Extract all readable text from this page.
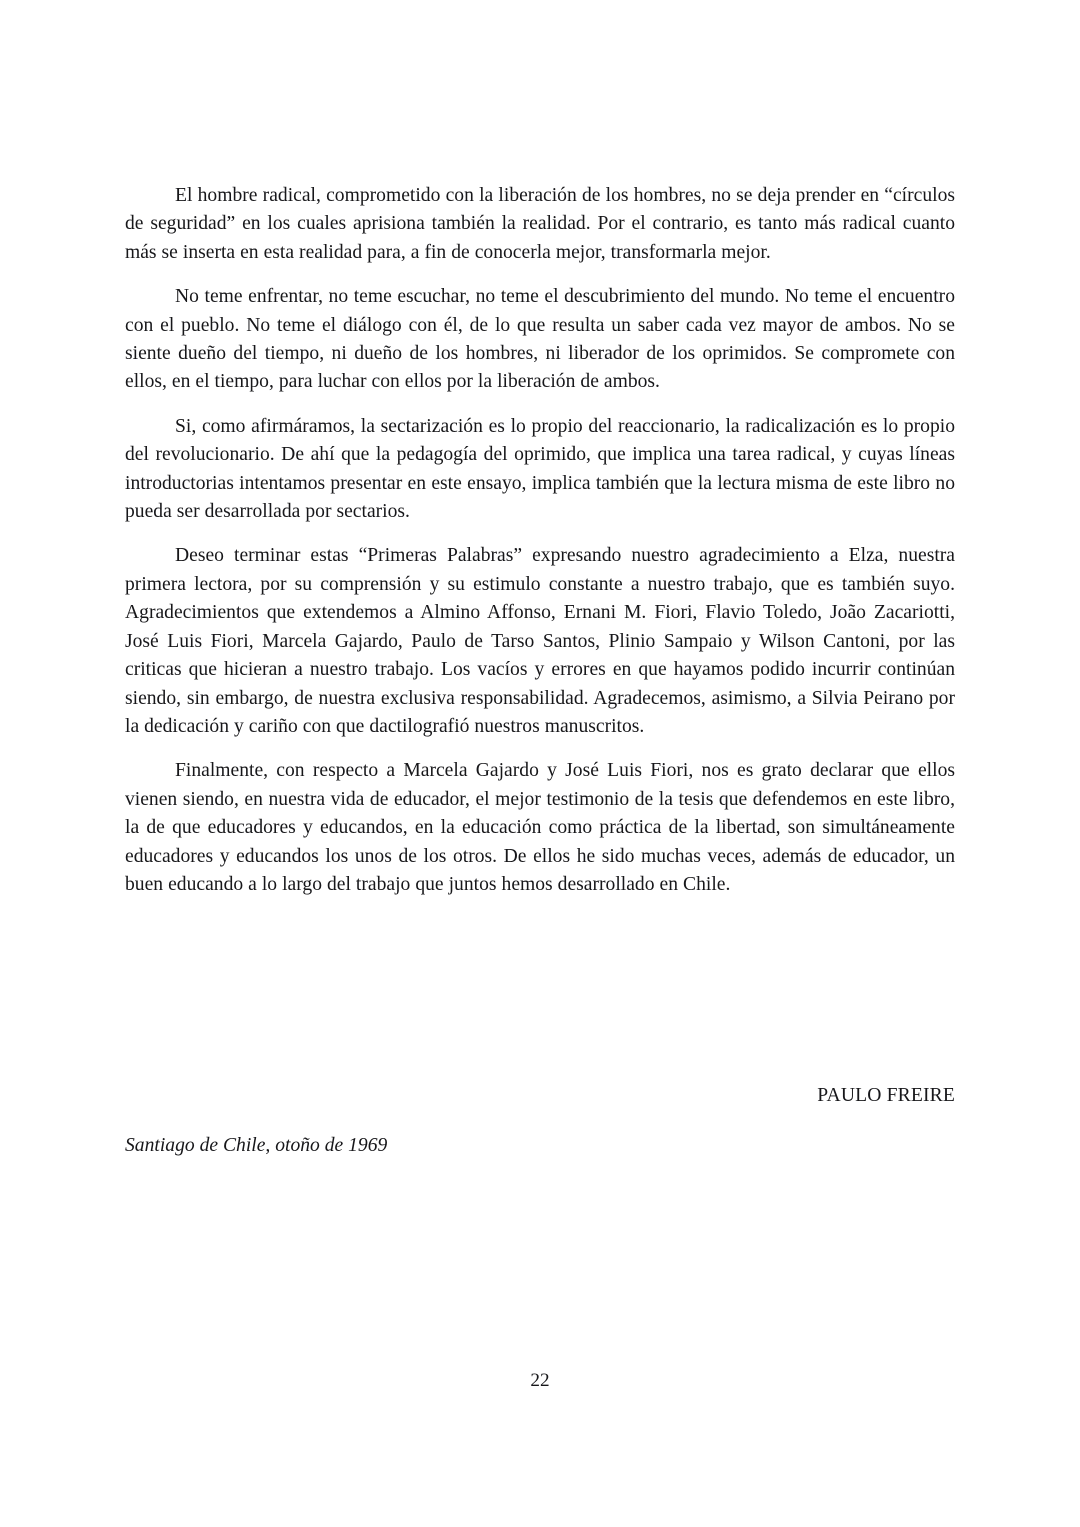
El hombre radical, comprometido con la liberación de los hombres, no se deja prender en “círculos de seguridad” en los cuales aprisiona también la realidad. Por el contrario, es tanto más radical cuanto más se inserta en esta realidad para, a fin de conocerla mejor, transformarla mejor.

No teme enfrentar, no teme escuchar, no teme el descubrimiento del mundo. No teme el encuentro con el pueblo. No teme el diálogo con él, de lo que resulta un saber cada vez mayor de ambos. No se siente dueño del tiempo, ni dueño de los hombres, ni liberador de los oprimidos. Se compromete con ellos, en el tiempo, para luchar con ellos por la liberación de ambos.

Si, como afirmáramos, la sectarización es lo propio del reaccionario, la radicalización es lo propio del revolucionario. De ahí que la pedagogía del oprimido, que implica una tarea radical, y cuyas líneas introductorias intentamos presentar en este ensayo, implica también que la lectura misma de este libro no pueda ser desarrollada por sectarios.

Deseo terminar estas “Primeras Palabras” expresando nuestro agradecimiento a Elza, nuestra primera lectora, por su comprensión y su estimulo constante a nuestro trabajo, que es también suyo. Agradecimientos que extendemos a Almino Affonso, Ernani M. Fiori, Flavio Toledo, João Zacariotti, José Luis Fiori, Marcela Gajardo, Paulo de Tarso Santos, Plinio Sampaio y Wilson Cantoni, por las criticas que hicieran a nuestro trabajo. Los vacíos y errores en que hayamos podido incurrir continúan siendo, sin embargo, de nuestra exclusiva responsabilidad. Agradecemos, asimismo, a Silvia Peirano por la dedicación y cariño con que dactilografió nuestros manuscritos.

Finalmente, con respecto a Marcela Gajardo y José Luis Fiori, nos es grato declarar que ellos vienen siendo, en nuestra vida de educador, el mejor testimonio de la tesis que defendemos en este libro, la de que educadores y educandos, en la educación como práctica de la libertad, son simultáneamente educadores y educandos los unos de los otros. De ellos he sido muchas veces, además de educador, un buen educando a lo largo del trabajo que juntos hemos desarrollado en Chile.

PAULO FREIRE

Santiago de Chile, otoño de 1969

22
